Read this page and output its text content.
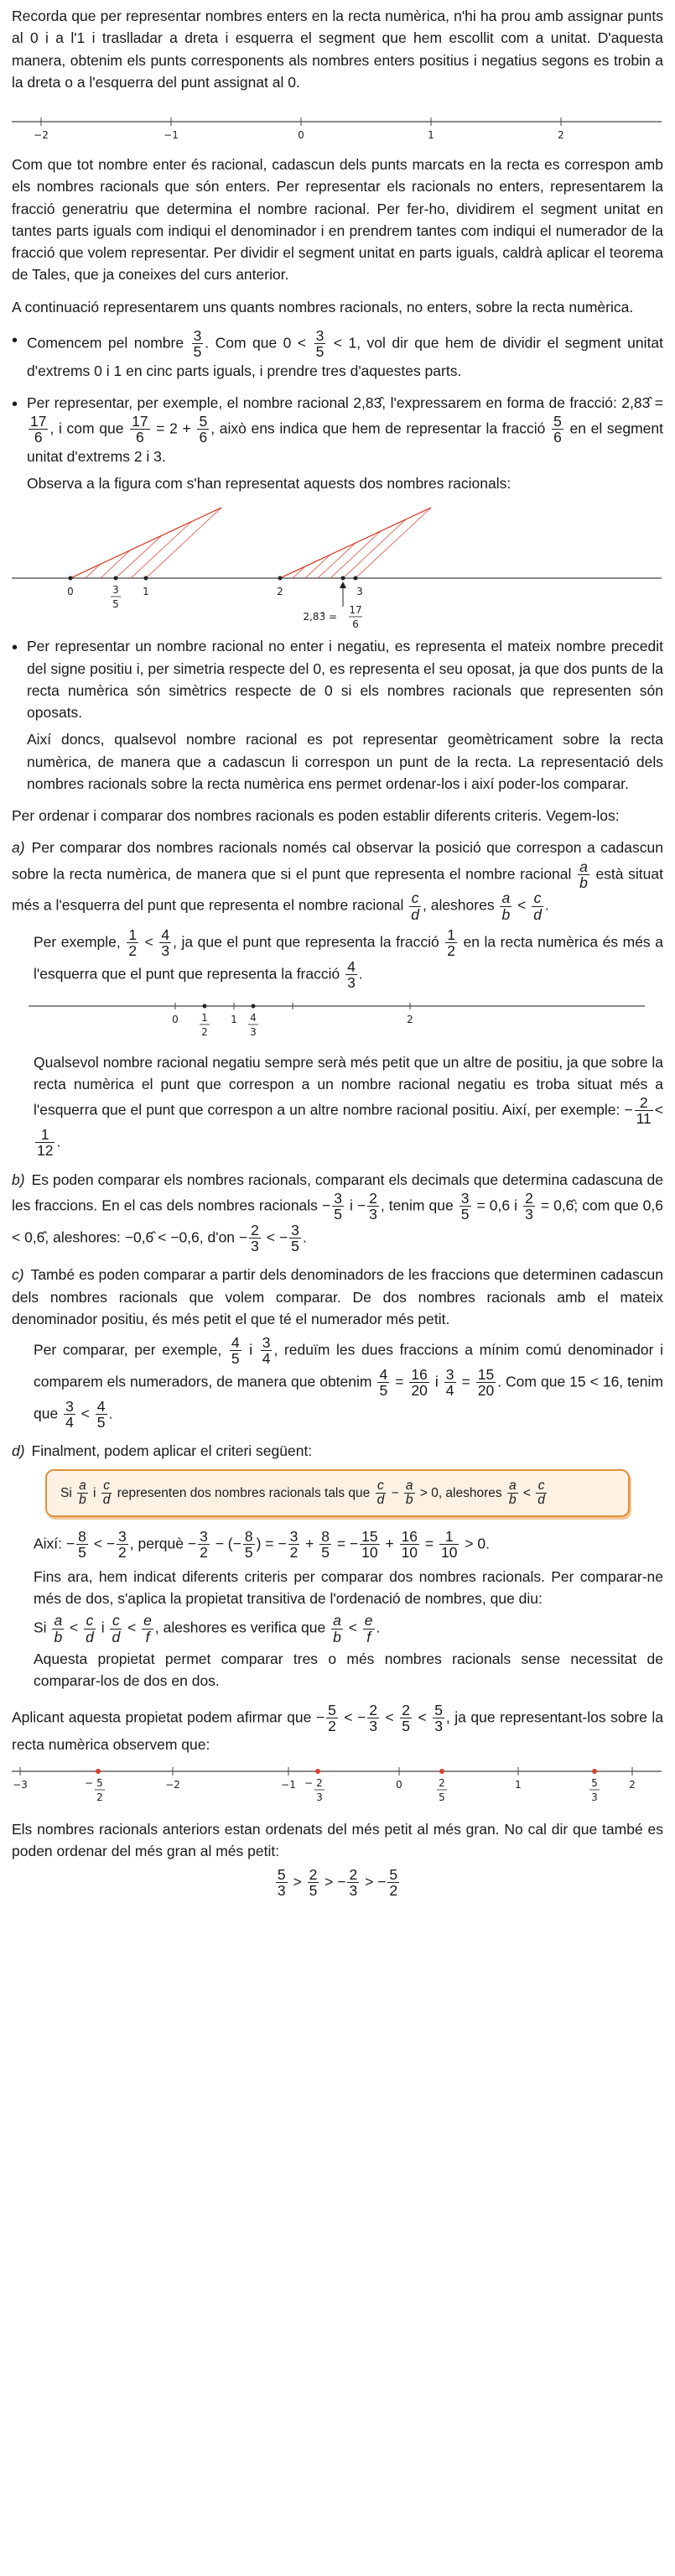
Recorda que per representar nombres enters en la recta numèrica, n'hi ha prou amb assignar punts al 0 i a l'1 i traslladar a dreta i esquerra el segment que hem escollit com a unitat. D'aquesta manera, obtenim els punts corresponents als nombres enters positius i negatius segons es trobin a la dreta o a l'esquerra del punt assignat al 0.

−2	−1	0	1	2

Com que tot nombre enter és racional, cadascun dels punts marcats en la recta es correspon amb els nombres racionals que són enters. Per representar els racionals no enters, representarem la fracció generatriu que determina el nombre racional. Per fer-ho, dividirem el segment unitat en tantes parts iguals com indiqui el denominador i en prendrem tantes com indiqui el numerador de la fracció que volem representar. Per dividir el segment unitat en parts iguals, caldrà aplicar el teorema de Tales, que ja coneixes del curs anterior.

A continuació representarem uns quants nombres racionals, no enters, sobre la recta numèrica.

• Comencem pel nombre $\frac{3}{5}$ . Com que $0 < \frac{3}{5} < 1$, vol dir que hem de dividir el segment unitat d'extrems 0 i 1 en cinc parts iguals, i prendre tres d'aquestes parts.

• Per representar, per exemple, el nombre racional 2,83̂, l'expressarem en forma de fracció: 2,83̂ =
$\frac{17}{6}$ , i com que $\frac{17}{6} = 2 + \frac{5}{6}$ , això ens indica que hem de representar la fracció $\frac{5}{6}$ en el segment unitat d'extrems 2 i 3.

Observa a la figura com s'han representat aquests dos nombres racionals:

0	1	2	3
3
5
2,83̂ =
17
6

• Per representar un nombre racional no enter i negatiu, es representa el mateix nombre precedit del signe positiu i, per simetria respecte del 0, es representa el seu oposat, ja que dos punts de la recta numèrica són simètrics respecte de 0 si els nombres racionals que representen són oposats.

Així doncs, qualsevol nombre racional es pot representar geomètricament sobre la recta numèrica, de manera que a cadascun li correspon un punt de la recta. La representació dels nombres racionals sobre la recta numèrica ens permet ordenar-los i així poder-los comparar.

Per ordenar i comparar dos nombres racionals es poden establir diferents criteris. Vegem-los:

a) Per comparar dos nombres racionals només cal observar la posició que correspon a cadascun sobre la recta numèrica, de manera que si el punt que representa el nombre racional $\frac{a}{b}$ està situat més a l'esquerra del punt que representa el nombre racional $\frac{c}{d}$ , aleshores $\frac{a}{b} < \frac{c}{d}$ .

Per exemple, $\frac{1}{2} < \frac{4}{3}$ , ja que el punt que representa la fracció $\frac{1}{2}$ en la recta numèrica és més a l'esquerra que el punt que representa la fracció $\frac{4}{3}$ .

0	1	2
1
2
4
3

Qualsevol nombre racional negatiu sempre serà més petit que un altre de positiu, ja que sobre la recta numèrica el punt que correspon a un nombre racional negatiu es troba situat més a l'esquerra que el punt que correspon a un altre nombre racional positiu. Així, per exemple: − $\frac{2}{11}$ <
$\frac{1}{12}$ .

b) Es poden comparar els nombres racionals, comparant els decimals que determina cadascuna de les fraccions. En el cas dels nombres racionals − $\frac{3}{5}$ $i - \frac{2}{3}$ , tenim que $\frac{3}{5} = 0,6$ i $\frac{2}{3}$ = 0,6̂; com que 0,6 < 0,6̂, aleshores: −0,6̂ < −0,6, $d'on - \frac{2}{3}$ < − $\frac{3}{5}$ .

c) També es poden comparar a partir dels denominadors de les fraccions que determinen cadascun dels nombres racionals que volem comparar. De dos nombres racionals amb el mateix denominador positiu, és més petit el que té el numerador més petit.

Per comparar, per exemple, $\frac{4}{5}$ i $\frac{3}{4}$ , reduïm les dues fraccions a mínim comú denominador i comparem els numeradors, de manera que obtenim $\frac{4}{5} = \frac{16}{20}$ i $\frac{3}{4} = \frac{15}{20}$ . Com que 15 < 16, tenim que $\frac{3}{4} < \frac{4}{5}$ .

d) Finalment, podem aplicar el criteri següent:

Si $\frac{a}{b}$ i $\frac{c}{d}$ representen dos nombres racionals tals que $\frac{c}{d} - \frac{a}{b} > 0$, aleshores $\frac{a}{b} < \frac{c}{d}$

Així: − $\frac{8}{5}$ < − $\frac{3}{2}$ , perquè − $\frac{3}{2}$ − (− $\frac{8}{5}$ ) = − $\frac{3}{2} + \frac{8}{5}$ = − $\frac{15}{10} + \frac{16}{10} = \frac{1}{10} > 0$.

Fins ara, hem indicat diferents criteris per comparar dos nombres racionals. Per comparar-ne més de dos, s'aplica la propietat transitiva de l'ordenació de nombres, que diu:

Si $\frac{a}{b} < \frac{c}{d}$ i $\frac{c}{d} < \frac{e}{f}$ , aleshores es verifica que $\frac{a}{b} < \frac{e}{f}$ .

Aquesta propietat permet comparar tres o més nombres racionals sense necessitat de comparar-los de dos en dos.

Aplicant aquesta propietat podem afirmar que − $\frac{5}{2}$ < − $\frac{2}{3} < \frac{2}{5} < \frac{5}{3}$ , ja que representant-los sobre la recta numèrica observem que:

−3	−2	−1	0	1	2
− 5
2
− 2
3
2
5
5
3

Els nombres racionals anteriors estan ordenats del més petit al més gran. No cal dir que també es poden ordenar del més gran al més petit:

$\frac{5}{3} > \frac{2}{5}$ > − $\frac{2}{3}$ > − $\frac{5}{2}$
